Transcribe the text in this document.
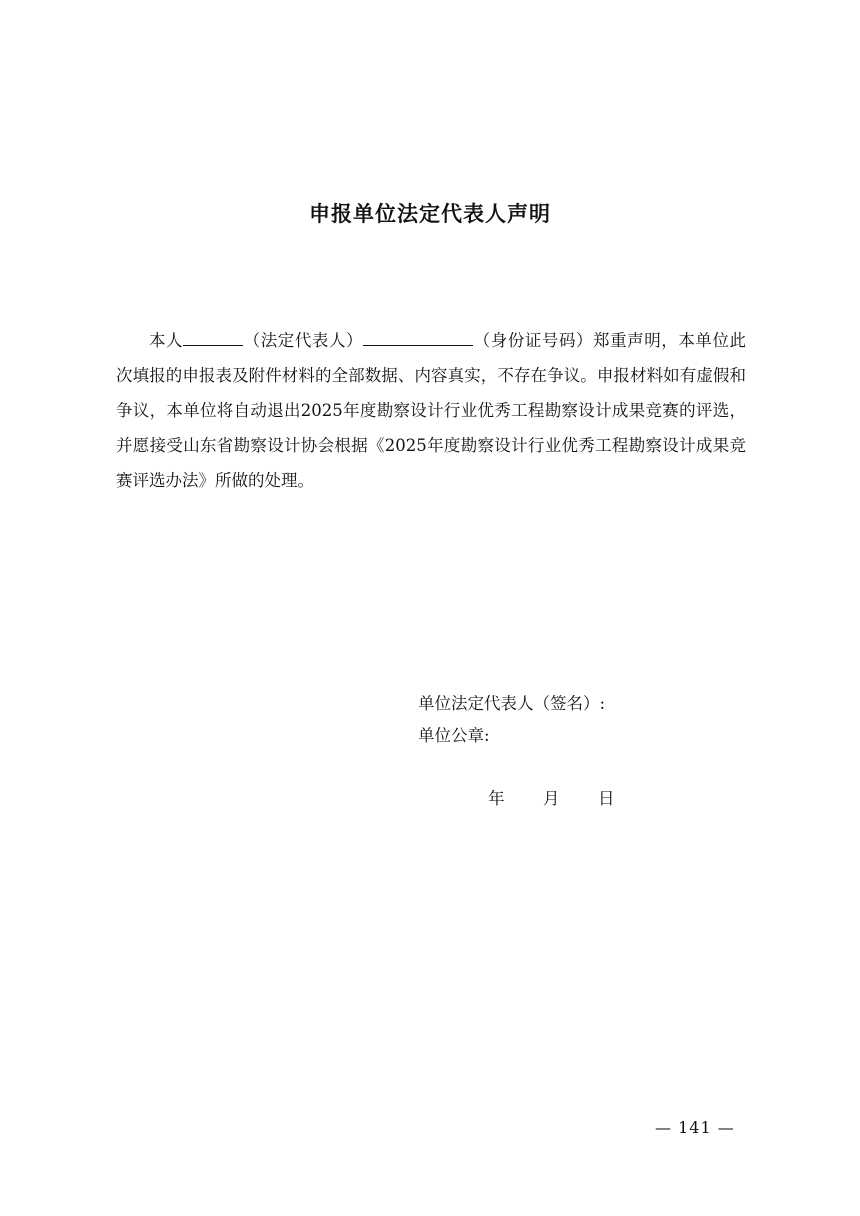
申报单位法定代表人声明

本人	（法定代表人）	（身份证号码）郑重声明，本单位此次填报的申报表及附件材料的全部数据、内容真实，不存在争议。申报材料如有虚假和争议，本单位将自动退出2025年度勘察设计行业优秀工程勘察设计成果竞赛的评选，并愿接受山东省勘察设计协会根据《2025年度勘察设计行业优秀工程勘察设计成果竞赛评选办法》所做的处理。

单位法定代表人（签名）:
单位公章:
年 月 日
— 141 —
